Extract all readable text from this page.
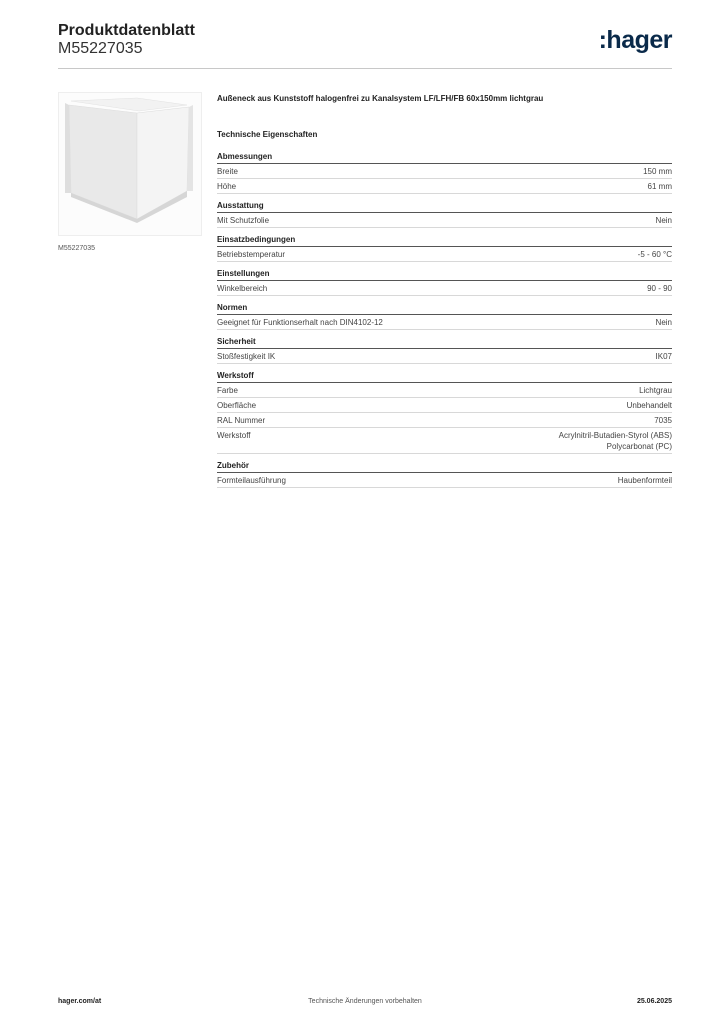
Produktdatenblatt
M55227035	:hager
M55227035
Außeneck aus Kunststoff halogenfrei zu Kanalsystem LF/LFH/FB 60x150mm lichtgrau
Technische Eigenschaften
Abmessungen
Breite	150 mm
Höhe	61 mm
Ausstattung
Mit Schutzfolie	Nein
Einsatzbedingungen
Betriebstemperatur	-5 - 60 °C
Einstellungen
Winkelbereich	90 - 90
Normen
Geeignet für Funktionserhalt nach DIN4102-12	Nein
Sicherheit
Stoßfestigkeit IK	IK07
Werkstoff
Farbe	Lichtgrau
Oberfläche	Unbehandelt
RAL Nummer	7035
Werkstoff	Acrylnitril-Butadien-Styrol (ABS)
Polycarbonat (PC)
Zubehör
Formteilausführung	Haubenformteil
hager.com/at	Technische Änderungen vorbehalten	25.06.2025
